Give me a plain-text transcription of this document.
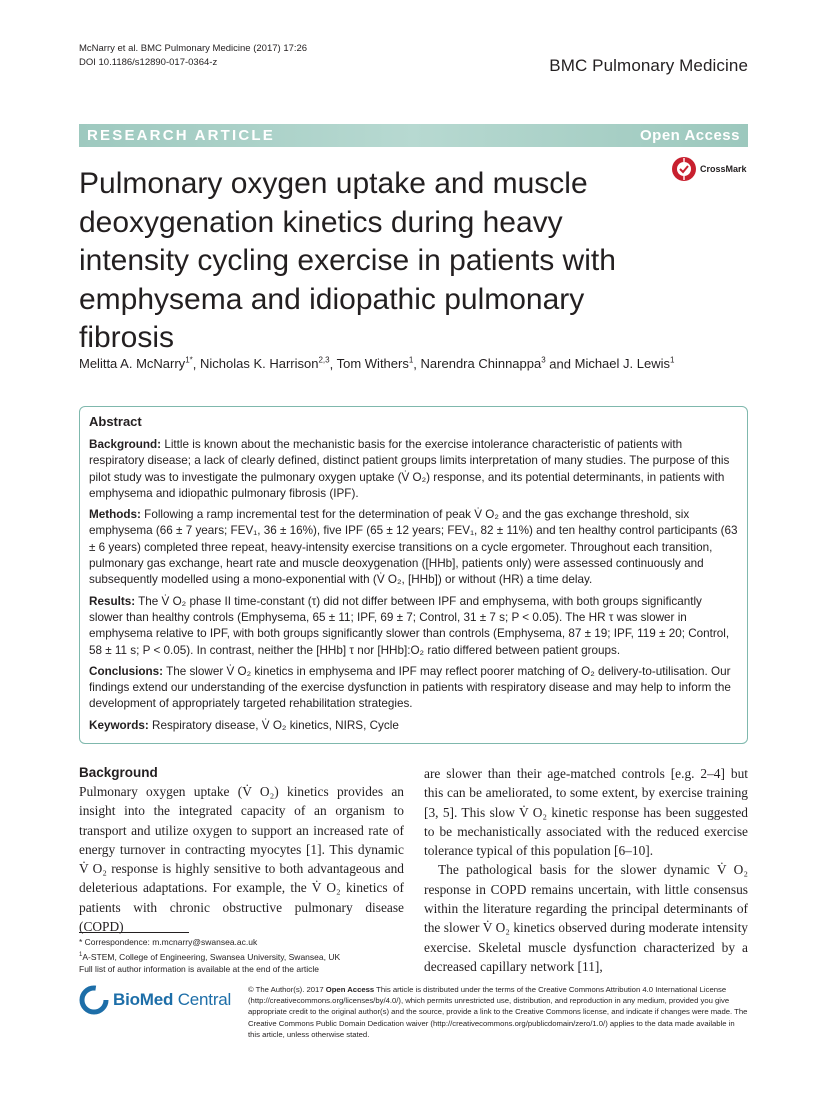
McNarry et al. BMC Pulmonary Medicine (2017) 17:26
DOI 10.1186/s12890-017-0364-z	BMC Pulmonary Medicine
RESEARCH ARTICLE	Open Access
CrossMark
Pulmonary oxygen uptake and muscle deoxygenation kinetics during heavy intensity cycling exercise in patients with emphysema and idiopathic pulmonary fibrosis
Melitta A. McNarry$^{1*}$, Nicholas K. Harrison$^{2,3}$, Tom Withers$^1$, Narendra Chinnappa$^3$ and Michael J. Lewis$^1$
Abstract

Background: Little is known about the mechanistic basis for the exercise intolerance characteristic of patients with respiratory disease; a lack of clearly defined, distinct patient groups limits interpretation of many studies. The purpose of this pilot study was to investigate the pulmonary oxygen uptake (V̇ O₂) response, and its potential determinants, in patients with emphysema and idiopathic pulmonary fibrosis (IPF).

Methods: Following a ramp incremental test for the determination of peak V̇ O₂ and the gas exchange threshold, six emphysema (66 ± 7 years; FEV₁, 36 ± 16%), five IPF (65 ± 12 years; FEV₁, 82 ± 11%) and ten healthy control participants (63 ± 6 years) completed three repeat, heavy-intensity exercise transitions on a cycle ergometer. Throughout each transition, pulmonary gas exchange, heart rate and muscle deoxygenation ([HHb], patients only) were assessed continuously and subsequently modelled using a mono-exponential with (V̇ O₂, [HHb]) or without (HR) a time delay.

Results: The V̇ O₂ phase II time-constant (τ) did not differ between IPF and emphysema, with both groups significantly slower than healthy controls (Emphysema, 65 ± 11; IPF, 69 ± 7; Control, 31 ± 7 s; P < 0.05). The HR τ was slower in emphysema relative to IPF, with both groups significantly slower than controls (Emphysema, 87 ± 19; IPF, 119 ± 20; Control, 58 ± 11 s; P < 0.05). In contrast, neither the [HHb] τ nor [HHb]:O₂ ratio differed between patient groups.

Conclusions: The slower V̇ O₂ kinetics in emphysema and IPF may reflect poorer matching of O₂ delivery-to-utilisation. Our findings extend our understanding of the exercise dysfunction in patients with respiratory disease and may help to inform the development of appropriately targeted rehabilitation strategies.

Keywords: Respiratory disease, V̇ O₂ kinetics, NIRS, Cycle

Background

Pulmonary oxygen uptake (V̇ O₂) kinetics provides an insight into the integrated capacity of an organism to transport and utilize oxygen to support an increased rate of energy turnover in contracting myocytes [1]. This dynamic V̇ O₂ response is highly sensitive to both advantageous and deleterious adaptations. For example, the V̇ O₂ kinetics of patients with chronic obstructive pulmonary disease (COPD)

are slower than their age-matched controls [e.g. 2–4] but this can be ameliorated, to some extent, by exercise training [3, 5]. This slow V̇ O₂ kinetic response has been suggested to be mechanistically associated with the reduced exercise tolerance typical of this population [6–10].

The pathological basis for the slower dynamic V̇ O₂ response in COPD remains uncertain, with little consensus within the literature regarding the principal determinants of the slower V̇ O₂ kinetics observed during moderate intensity exercise. Skeletal muscle dysfunction characterized by a decreased capillary network [11],

* Correspondence: m.mcnarry@swansea.ac.uk
$^1$A-STEM, College of Engineering, Swansea University, Swansea, UK
Full list of author information is available at the end of the article
BioMed Central
© The Author(s). 2017 Open Access This article is distributed under the terms of the Creative Commons Attribution 4.0 International License (http://creativecommons.org/licenses/by/4.0/), which permits unrestricted use, distribution, and reproduction in any medium, provided you give appropriate credit to the original author(s) and the source, provide a link to the Creative Commons license, and indicate if changes were made. The Creative Commons Public Domain Dedication waiver (http://creativecommons.org/publicdomain/zero/1.0/) applies to the data made available in this article, unless otherwise stated.
